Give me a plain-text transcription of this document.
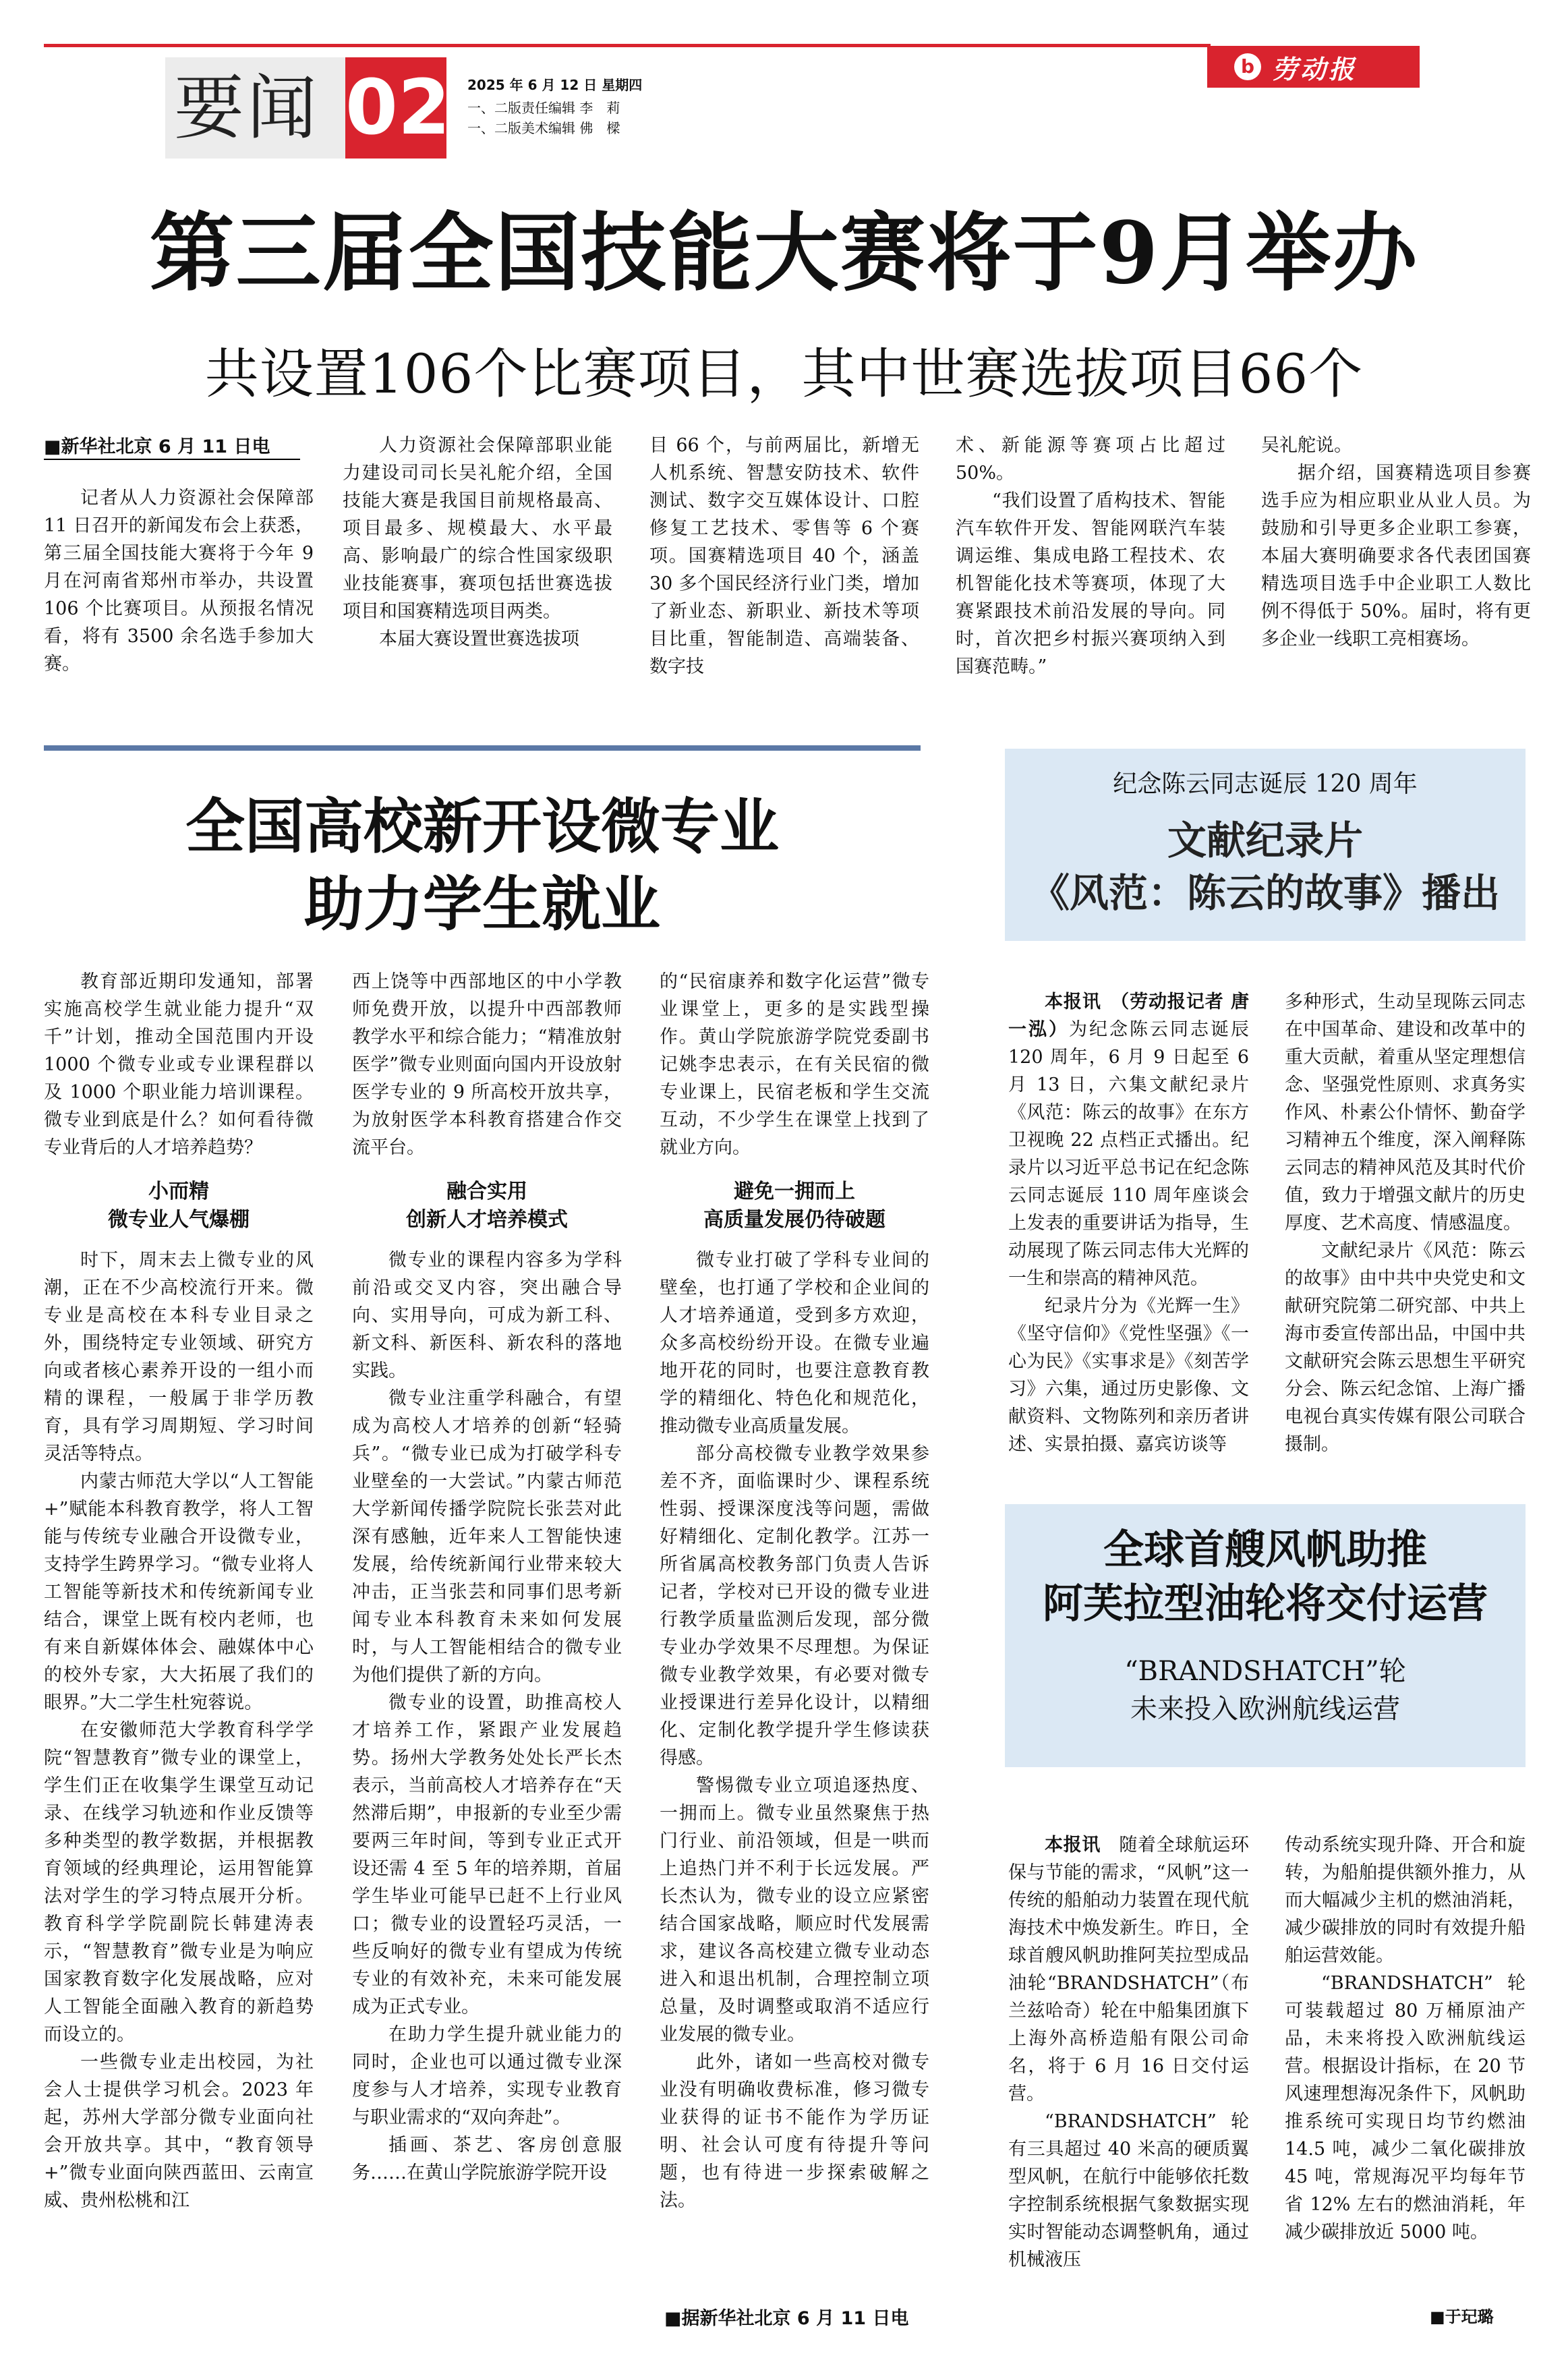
要闻 02 2025 年 6 月 12 日 星期四
一、二版责任编辑 李　莉
一、二版美术编辑 佛　樑
b 劳动报
第三届全国技能大赛将于9月举办
共设置106个比赛项目，其中世赛选拔项目66个
■新华社北京 6 月 11 日电

记者从人力资源社会保障部 11 日召开的新闻发布会上获悉，第三届全国技能大赛将于今年 9 月在河南省郑州市举办，共设置 106 个比赛项目。从预报名情况看，将有 3500 余名选手参加大赛。

人力资源社会保障部职业能力建设司司长吴礼舵介绍，全国技能大赛是我国目前规格最高、项目最多、规模最大、水平最高、影响最广的综合性国家级职业技能赛事，赛项包括世赛选拔项目和国赛精选项目两类。

本届大赛设置世赛选拔项

目 66 个，与前两届比，新增无人机系统、智慧安防技术、软件测试、数字交互媒体设计、口腔修复工艺技术、零售等 6 个赛项。国赛精选项目 40 个，涵盖 30 多个国民经济行业门类，增加了新业态、新职业、新技术等项目比重，智能制造、高端装备、数字技

术、新能源等赛项占比超过 50%。

“我们设置了盾构技术、智能汽车软件开发、智能网联汽车装调运维、集成电路工程技术、农机智能化技术等赛项，体现了大赛紧跟技术前沿发展的导向。同时，首次把乡村振兴赛项纳入到国赛范畴。”

吴礼舵说。

据介绍，国赛精选项目参赛选手应为相应职业从业人员。为鼓励和引导更多企业职工参赛，本届大赛明确要求各代表团国赛精选项目选手中企业职工人数比例不得低于 50%。届时，将有更多企业一线职工亮相赛场。

全国高校新开设微专业
助力学生就业

教育部近期印发通知，部署实施高校学生就业能力提升“双千”计划，推动全国范围内开设 1000 个微专业或专业课程群以及 1000 个职业能力培训课程。微专业到底是什么？如何看待微专业背后的人才培养趋势？

小而精
微专业人气爆棚

时下，周末去上微专业的风潮，正在不少高校流行开来。微专业是高校在本科专业目录之外，围绕特定专业领域、研究方向或者核心素养开设的一组小而精的课程，一般属于非学历教育，具有学习周期短、学习时间灵活等特点。

内蒙古师范大学以“人工智能+”赋能本科教育教学，将人工智能与传统专业融合开设微专业，支持学生跨界学习。“微专业将人工智能等新技术和传统新闻专业结合，课堂上既有校内老师，也有来自新媒体体会、融媒体中心的校外专家，大大拓展了我们的眼界。”大二学生杜宛蓉说。

在安徽师范大学教育科学学院“智慧教育”微专业的课堂上，学生们正在收集学生课堂互动记录、在线学习轨迹和作业反馈等多种类型的教学数据，并根据教育领域的经典理论，运用智能算法对学生的学习特点展开分析。教育科学学院副院长韩建涛表示，“智慧教育”微专业是为响应国家教育数字化发展战略，应对人工智能全面融入教育的新趋势而设立的。

一些微专业走出校园，为社会人士提供学习机会。2023 年起，苏州大学部分微专业面向社会开放共享。其中，“教育领导+”微专业面向陕西蓝田、云南宣威、贵州松桃和江

西上饶等中西部地区的中小学教师免费开放，以提升中西部教师教学水平和综合能力；“精准放射医学”微专业则面向国内开设放射医学专业的 9 所高校开放共享，为放射医学本科教育搭建合作交流平台。

融合实用
创新人才培养模式

微专业的课程内容多为学科前沿或交叉内容，突出融合导向、实用导向，可成为新工科、新文科、新医科、新农科的落地实践。

微专业注重学科融合，有望成为高校人才培养的创新“轻骑兵”。“微专业已成为打破学科专业壁垒的一大尝试。”内蒙古师范大学新闻传播学院院长张芸对此深有感触，近年来人工智能快速发展，给传统新闻行业带来较大冲击，正当张芸和同事们思考新闻专业本科教育未来如何发展时，与人工智能相结合的微专业为他们提供了新的方向。

微专业的设置，助推高校人才培养工作，紧跟产业发展趋势。扬州大学教务处处长严长杰表示，当前高校人才培养存在“天然滞后期”，申报新的专业至少需要两三年时间，等到专业正式开设还需 4 至 5 年的培养期，首届学生毕业可能早已赶不上行业风口；微专业的设置轻巧灵活，一些反响好的微专业有望成为传统专业的有效补充，未来可能发展成为正式专业。

在助力学生提升就业能力的同时，企业也可以通过微专业深度参与人才培养，实现专业教育与职业需求的“双向奔赴”。

插画、茶艺、客房创意服务……在黄山学院旅游学院开设

的“民宿康养和数字化运营”微专业课堂上，更多的是实践型操作。黄山学院旅游学院党委副书记姚李忠表示，在有关民宿的微专业课上，民宿老板和学生交流互动，不少学生在课堂上找到了就业方向。

避免一拥而上
高质量发展仍待破题

微专业打破了学科专业间的壁垒，也打通了学校和企业间的人才培养通道，受到多方欢迎，众多高校纷纷开设。在微专业遍地开花的同时，也要注意教育教学的精细化、特色化和规范化，推动微专业高质量发展。

部分高校微专业教学效果参差不齐，面临课时少、课程系统性弱、授课深度浅等问题，需做好精细化、定制化教学。江苏一所省属高校教务部门负责人告诉记者，学校对已开设的微专业进行教学质量监测后发现，部分微专业办学效果不尽理想。为保证微专业教学效果，有必要对微专业授课进行差异化设计，以精细化、定制化教学提升学生修读获得感。

警惕微专业立项追逐热度、一拥而上。微专业虽然聚焦于热门行业、前沿领域，但是一哄而上追热门并不利于长远发展。严长杰认为，微专业的设立应紧密结合国家战略，顺应时代发展需求，建议各高校建立微专业动态进入和退出机制，合理控制立项总量，及时调整或取消不适应行业发展的微专业。

此外，诸如一些高校对微专业没有明确收费标准，修习微专业获得的证书不能作为学历证明、社会认可度有待提升等问题，也有待进一步探索破解之法。

■据新华社北京 6 月 11 日电
纪念陈云同志诞辰 120 周年
文献纪录片
《风范：陈云的故事》播出

本报讯　（劳动报记者 唐一泓）为纪念陈云同志诞辰 120 周年，6 月 9 日起至 6 月 13 日，六集文献纪录片《风范：陈云的故事》在东方卫视晚 22 点档正式播出。纪录片以习近平总书记在纪念陈云同志诞辰 110 周年座谈会上发表的重要讲话为指导，生动展现了陈云同志伟大光辉的一生和崇高的精神风范。

纪录片分为《光辉一生》《坚守信仰》《党性坚强》《一心为民》《实事求是》《刻苦学习》六集，通过历史影像、文献资料、文物陈列和亲历者讲述、实景拍摄、嘉宾访谈等

多种形式，生动呈现陈云同志在中国革命、建设和改革中的重大贡献，着重从坚定理想信念、坚强党性原则、求真务实作风、朴素公仆情怀、勤奋学习精神五个维度，深入阐释陈云同志的精神风范及其时代价值，致力于增强文献片的历史厚度、艺术高度、情感温度。

文献纪录片《风范：陈云的故事》由中共中央党史和文献研究院第二研究部、中共上海市委宣传部出品，中国中共文献研究会陈云思想生平研究分会、陈云纪念馆、上海广播电视台真实传媒有限公司联合摄制。

全球首艘风帆助推
阿芙拉型油轮将交付运营
“BRANDSHATCH”轮
未来投入欧洲航线运营

本报讯　 随着全球航运环保与节能的需求，“风帆”这一传统的船舶动力装置在现代航海技术中焕发新生。昨日，全球首艘风帆助推阿芙拉型成品油轮“BRANDSHATCH”（布兰兹哈奇）轮在中船集团旗下上海外高桥造船有限公司命名，将于 6 月 16 日交付运营。

“BRANDSHATCH”轮有三具超过 40 米高的硬质翼型风帆，在航行中能够依托数字控制系统根据气象数据实现实时智能动态调整帆角，通过机械液压

传动系统实现升降、开合和旋转，为船舶提供额外推力，从而大幅减少主机的燃油消耗，减少碳排放的同时有效提升船舶运营效能。

“BRANDSHATCH”轮可装载超过 80 万桶原油产品，未来将投入欧洲航线运营。根据设计指标，在 20 节风速理想海况条件下，风帆助推系统可实现日均节约燃油 14.5 吨，减少二氧化碳排放 45 吨，常规海况平均每年节省 12% 左右的燃油消耗，年减少碳排放近 5000 吨。

■于玘璐
